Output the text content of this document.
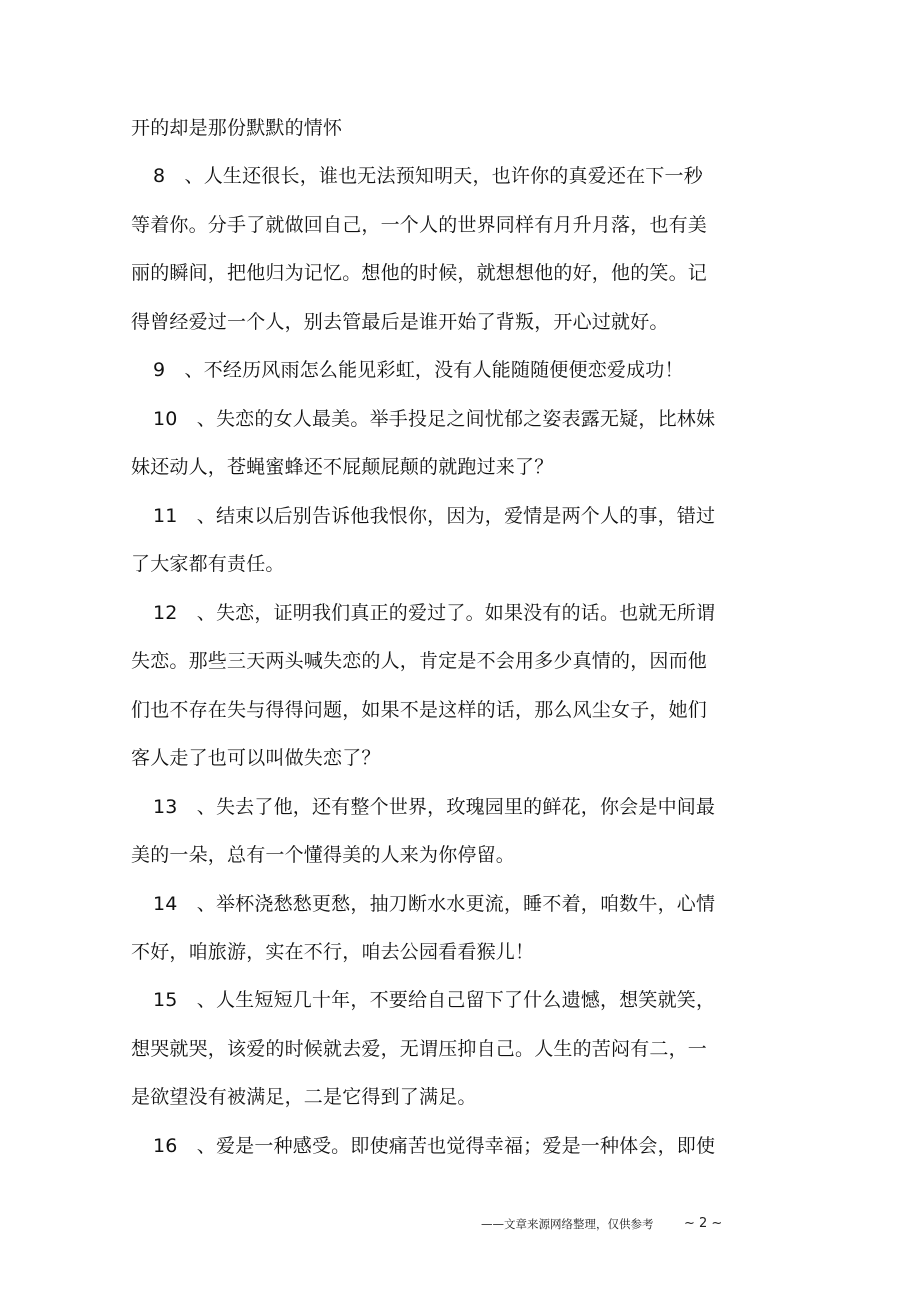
开的却是那份默默的情怀
8　、人生还很长，谁也无法预知明天，也许你的真爱还在下一秒
等着你。分手了就做回自己，一个人的世界同样有月升月落，也有美
丽的瞬间，把他归为记忆。想他的时候，就想想他的好，他的笑。记
得曾经爱过一个人，别去管最后是谁开始了背叛，开心过就好。
9　、不经历风雨怎么能见彩虹，没有人能随随便便恋爱成功！
10　、失恋的女人最美。举手投足之间忧郁之姿表露无疑，比林妹
妹还动人，苍蝇蜜蜂还不屁颠屁颠的就跑过来了？
11　、结束以后别告诉他我恨你，因为，爱情是两个人的事，错过
了大家都有责任。
12　、失恋，证明我们真正的爱过了。如果没有的话。也就无所谓
失恋。那些三天两头喊失恋的人，肯定是不会用多少真情的，因而他
们也不存在失与得得问题，如果不是这样的话，那么风尘女子，她们
客人走了也可以叫做失恋了？
13　、失去了他，还有整个世界，玫瑰园里的鲜花，你会是中间最
美的一朵，总有一个懂得美的人来为你停留。
14　、举杯浇愁愁更愁，抽刀断水水更流，睡不着，咱数牛，心情
不好，咱旅游，实在不行，咱去公园看看猴儿！
15　、人生短短几十年，不要给自己留下了什么遗憾，想笑就笑，
想哭就哭，该爱的时候就去爱，无谓压抑自己。人生的苦闷有二，一
是欲望没有被满足，二是它得到了满足。
16　、爱是一种感受。即使痛苦也觉得幸福；爱是一种体会，即使
——文章来源网络整理，仅供参考 ~ 2 ~
